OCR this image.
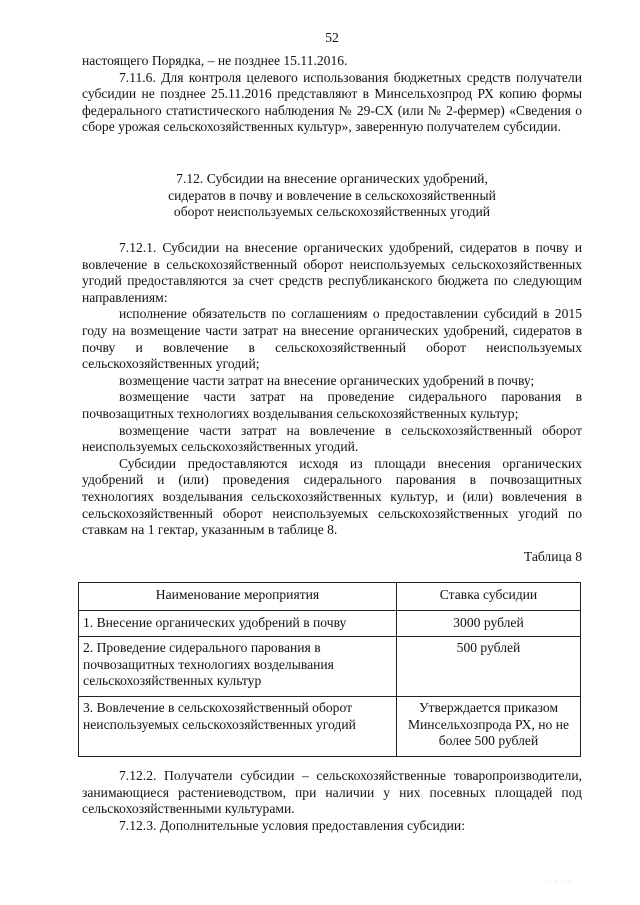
52

настоящего Порядка, – не позднее 15.11.2016.

7.11.6. Для контроля целевого использования бюджетных средств получатели субсидии не позднее 25.11.2016 представляют в Минсельхозпрод РХ копию формы федерального статистического наблюдения № 29-СХ (или № 2-фермер) «Сведения о сборе урожая сельскохозяйственных культур», заверенную получателем субсидии.

7.12. Субсидии на внесение органических удобрений,

сидератов в почву и вовлечение в сельскохозяйственный

оборот неиспользуемых сельскохозяйственных угодий

7.12.1. Субсидии на внесение органических удобрений, сидератов в почву и вовлечение в сельскохозяйственный оборот неиспользуемых сельскохозяйственных угодий предоставляются за счет средств республиканского бюджета по следующим направлениям:

исполнение обязательств по соглашениям о предоставлении субсидий в 2015 году на возмещение части затрат на внесение органических удобрений, сидератов в почву и вовлечение в сельскохозяйственный оборот неиспользуемых сельскохозяйственных угодий;

возмещение части затрат на внесение органических удобрений в почву;

возмещение части затрат на проведение сидерального парования в почвозащитных технологиях возделывания сельскохозяйственных культур;

возмещение части затрат на вовлечение в сельскохозяйственный оборот неиспользуемых сельскохозяйственных угодий.

Субсидии предоставляются исходя из площади внесения органических удобрений и (или) проведения сидерального парования в почвозащитных технологиях возделывания сельскохозяйственных культур, и (или) вовлечения в сельскохозяйственный оборот неиспользуемых сельскохозяйственных угодий по ставкам на 1 гектар, указанным в таблице 8.

Таблица 8
Наименование мероприятия	Ставка субсидии
1. Внесение органических удобрений в почву	3000 рублей
2. Проведение сидерального парования в почвозащитных технологиях возделывания сельскохозяйственных культур	500 рублей
3. Вовлечение в сельскохозяйственный оборот неиспользуемых сельскохозяйственных угодий	Утверждается приказом Минсельхозпрода РХ, но не более 500 рублей

7.12.2. Получатели субсидии – сельскохозяйственные товаропроизводители, занимающиеся растениеводством, при наличии у них посевных площадей под сельскохозяйственными культурами.

7.12.3. Дополнительные условия предоставления субсидии:

· · · ·
